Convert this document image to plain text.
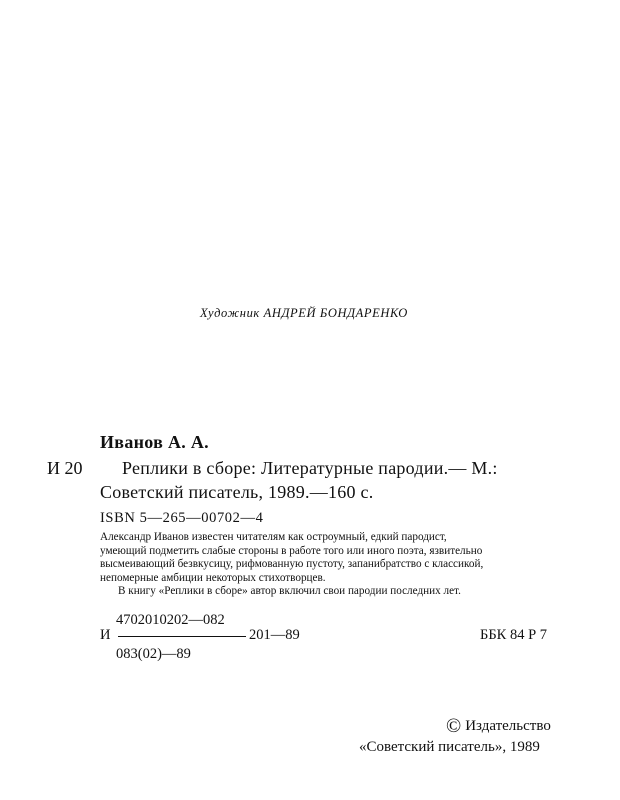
Художник АНДРЕЙ БОНДАРЕНКО
Иванов А. А.
И 20 Реплики в сборе: Литературные пародии.— М.:
Советский писатель, 1989.—160 с.
ISBN 5—265—00702—4
Александр Иванов известен читателям как остроумный, едкий пародист,
умеющий подметить слабые стороны в работе того или иного поэта, язвительно
высмеивающий безвкусицу, рифмованную пустоту, запанибратство с классикой,
непомерные амбиции некоторых стихотворцев.
В книгу «Реплики в сборе» автор включил свои пародии последних лет.
4702010202—082
И	201—89
083(02)—89
ББК 84 Р 7
© Издательство
«Советский писатель», 1989
